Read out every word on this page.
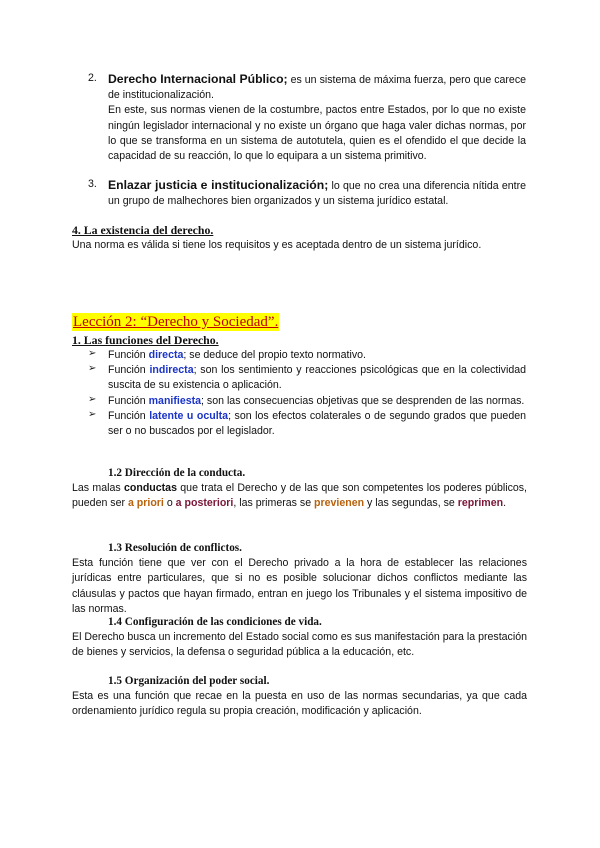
2. Derecho Internacional Público; es un sistema de máxima fuerza, pero que carece de institucionalización.

En este, sus normas vienen de la costumbre, pactos entre Estados, por lo que no existe ningún legislador internacional y no existe un órgano que haga valer dichas normas, por lo que se transforma en un sistema de autotutela, quien es el ofendido el que decide la capacidad de su reacción, lo que lo equipara a un sistema primitivo.

3. Enlazar justicia e institucionalización; lo que no crea una diferencia nítida entre un grupo de malhechores bien organizados y un sistema jurídico estatal.

4. La existencia del derecho.

Una norma es válida si tiene los requisitos y es aceptada dentro de un sistema jurídico.

Lección 2: “Derecho y Sociedad”.

1. Las funciones del Derecho.

➢ Función directa; se deduce del propio texto normativo.

➢ Función indirecta; son los sentimiento y reacciones psicológicas que en la colectividad suscita de su existencia o aplicación.

➢ Función manifiesta; son las consecuencias objetivas que se desprenden de las normas.

➢ Función latente u oculta; son los efectos colaterales o de segundo grados que pueden ser o no buscados por el legislador.

1.2 Dirección de la conducta.

Las malas conductas que trata el Derecho y de las que son competentes los poderes públicos, pueden ser a priori o a posteriori, las primeras se previenen y las segundas, se reprimen.

1.3 Resolución de conflictos.

Esta función tiene que ver con el Derecho privado a la hora de establecer las relaciones jurídicas entre particulares, que si no es posible solucionar dichos conflictos mediante las cláusulas y pactos que hayan firmado, entran en juego los Tribunales y el sistema impositivo de las normas.

1.4 Configuración de las condiciones de vida.

El Derecho busca un incremento del Estado social como es sus manifestación para la prestación de bienes y servicios, la defensa o seguridad pública a la educación, etc.

1.5 Organización del poder social.

Esta es una función que recae en la puesta en uso de las normas secundarias, ya que cada ordenamiento jurídico regula su propia creación, modificación y aplicación.
